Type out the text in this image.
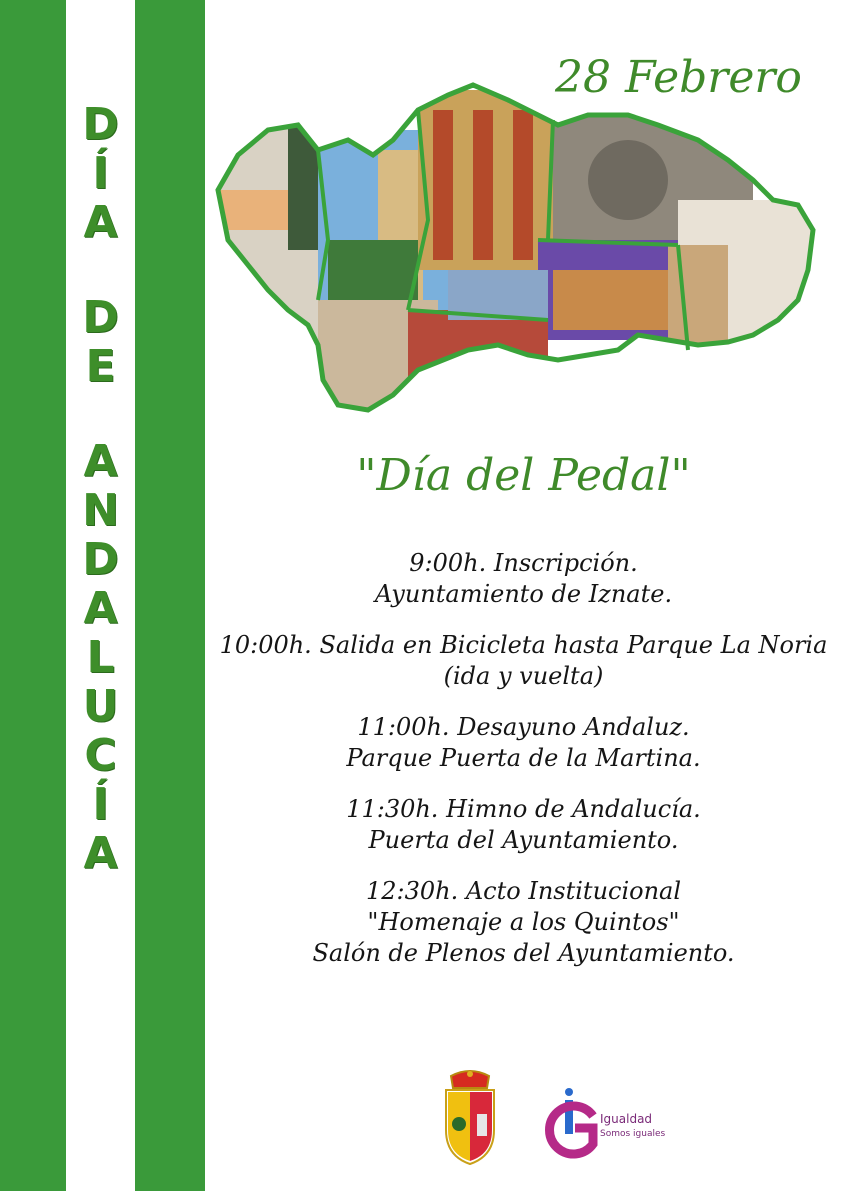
D
Í
A
D
E
A
N
D
A
L
U
C
Í
A
28 Febrero
"Día del Pedal"
9:00h. Inscripción.
Ayuntamiento de Iznate.
10:00h. Salida en Bicicleta hasta Parque La Noria
(ida y vuelta)
11:00h. Desayuno Andaluz.
Parque Puerta de la Martina.
11:30h. Himno de Andalucía.
Puerta del Ayuntamiento.
12:30h. Acto Institucional
"Homenaje a los Quintos"
Salón de Plenos del Ayuntamiento.
Igualdad
Somos iguales
